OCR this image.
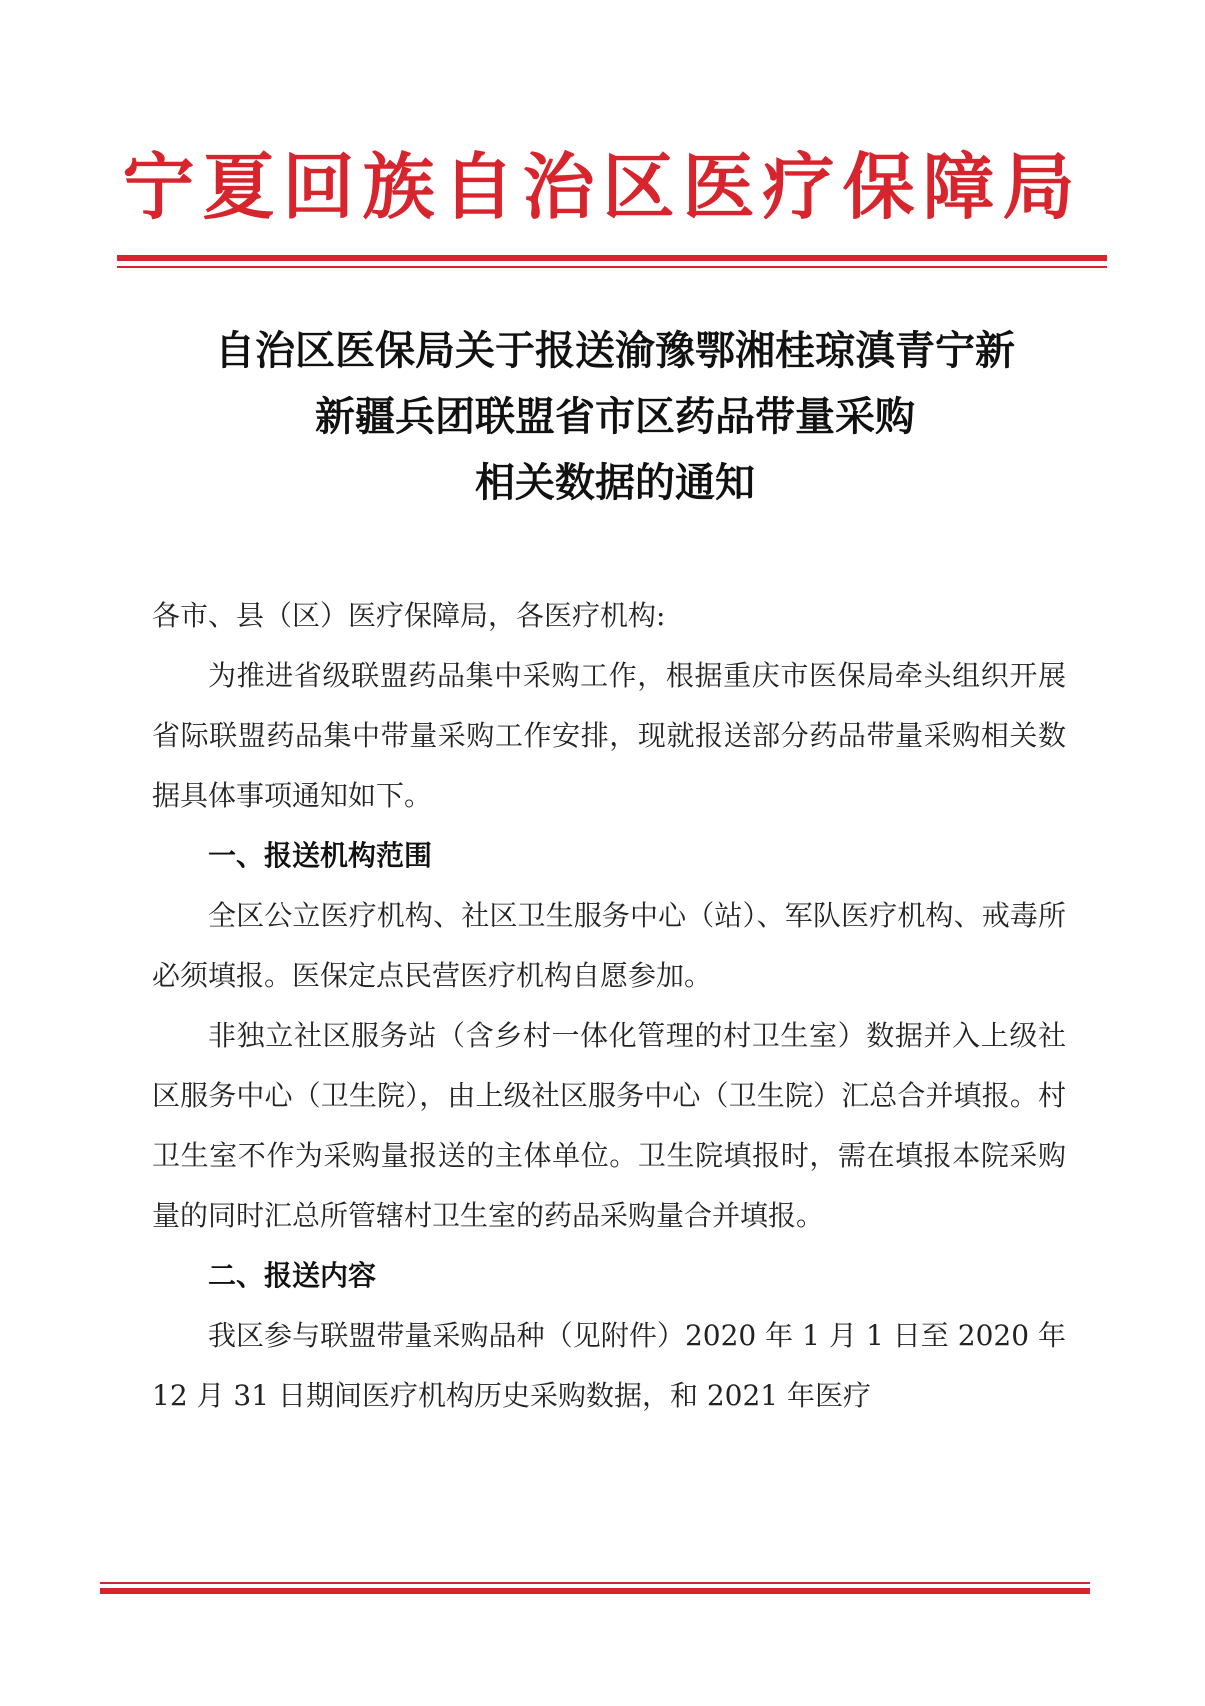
宁夏回族自治区医疗保障局
自治区医保局关于报送渝豫鄂湘桂琼滇青宁新
新疆兵团联盟省市区药品带量采购
相关数据的通知

各市、县（区）医疗保障局，各医疗机构:

为推进省级联盟药品集中采购工作，根据重庆市医保局牵头组织开展省际联盟药品集中带量采购工作安排，现就报送部分药品带量采购相关数据具体事项通知如下。

一、报送机构范围

全区公立医疗机构、社区卫生服务中心（站）、军队医疗机构、戒毒所必须填报。医保定点民营医疗机构自愿参加。

非独立社区服务站（含乡村一体化管理的村卫生室）数据并入上级社区服务中心（卫生院），由上级社区服务中心（卫生院）汇总合并填报。村卫生室不作为采购量报送的主体单位。卫生院填报时，需在填报本院采购量的同时汇总所管辖村卫生室的药品采购量合并填报。

二、报送内容

我区参与联盟带量采购品种（见附件）2020 年 1 月 1 日至 2020 年 12 月 31 日期间医疗机构历史采购数据，和 2021 年医疗
